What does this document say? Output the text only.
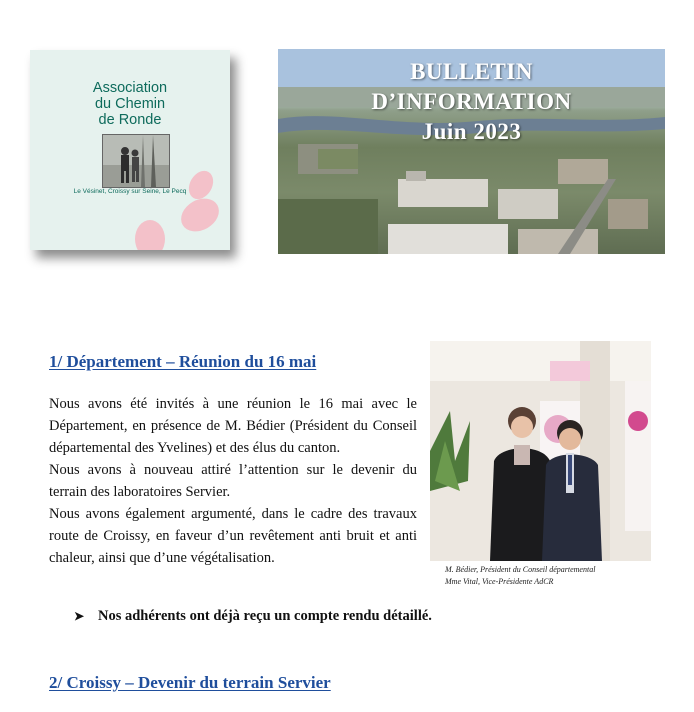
Association
du Chemin
de Ronde
Le Vésinet, Croissy sur Seine, Le Pecq
BULLETIN
D’INFORMATION
Juin 2023
1/ Département – Réunion du 16 mai

Nous avons été invités à une réunion le 16 mai avec le Département, en présence de M. Bédier (Président du Conseil départemental des Yvelines) et des élus du canton.

Nous avons à nouveau attiré l’attention sur le devenir du terrain des laboratoires Servier.

Nous avons également argumenté, dans le cadre des travaux route de Croissy, en faveur d’un revêtement anti bruit et anti chaleur, ainsi que d’une végétalisation.

M. Bédier, Président du Conseil départemental
Mme Vital, Vice-Présidente AdCR
➤ Nos adhérents ont déjà reçu un compte rendu détaillé.
2/ Croissy – Devenir du terrain Servier
